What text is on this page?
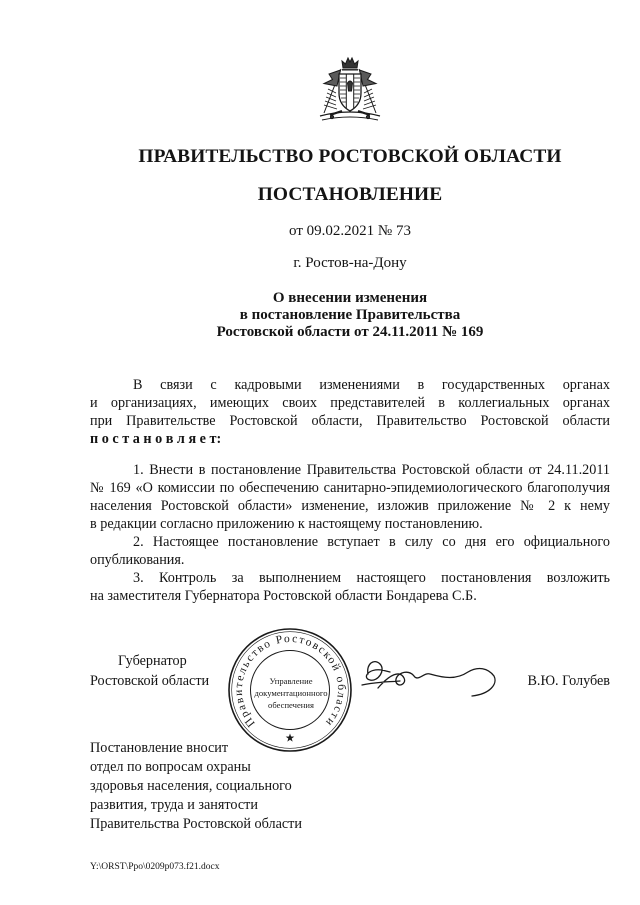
ПРАВИТЕЛЬСТВО РОСТОВСКОЙ ОБЛАСТИ
ПОСТАНОВЛЕНИЕ
от 09.02.2021 № 73
г. Ростов-на-Дону
О внесении изменения
в постановление Правительства
Ростовской области от 24.11.2011 № 169
В связи с кадровыми изменениями в государственных органах
и организациях, имеющих своих представителей в коллегиальных органах
при Правительстве Ростовской области, Правительство Ростовской области
п о с т а н о в л я е т:
1. Внести в постановление Правительства Ростовской области от 24.11.2011
№ 169 «О комиссии по обеспечению санитарно-эпидемиологического благополучия
населения Ростовской области» изменение, изложив приложение № 2 к нему
в редакции согласно приложению к настоящему постановлению.
2. Настоящее постановление вступает в силу со дня его официального
опубликования.
3. Контроль за выполнением настоящего постановления возложить
на заместителя Губернатора Ростовской области Бондарева С.Б.
Губернатор
Ростовской области	В.Ю. Голубев
Правительство Ростовской области
Управление
документационного
обеспечения
Постановление вносит
отдел по вопросам охраны
здоровья населения, социального
развития, труда и занятости
Правительства Ростовской области
Y:\ORST\Ppo\0209p073.f21.docx
